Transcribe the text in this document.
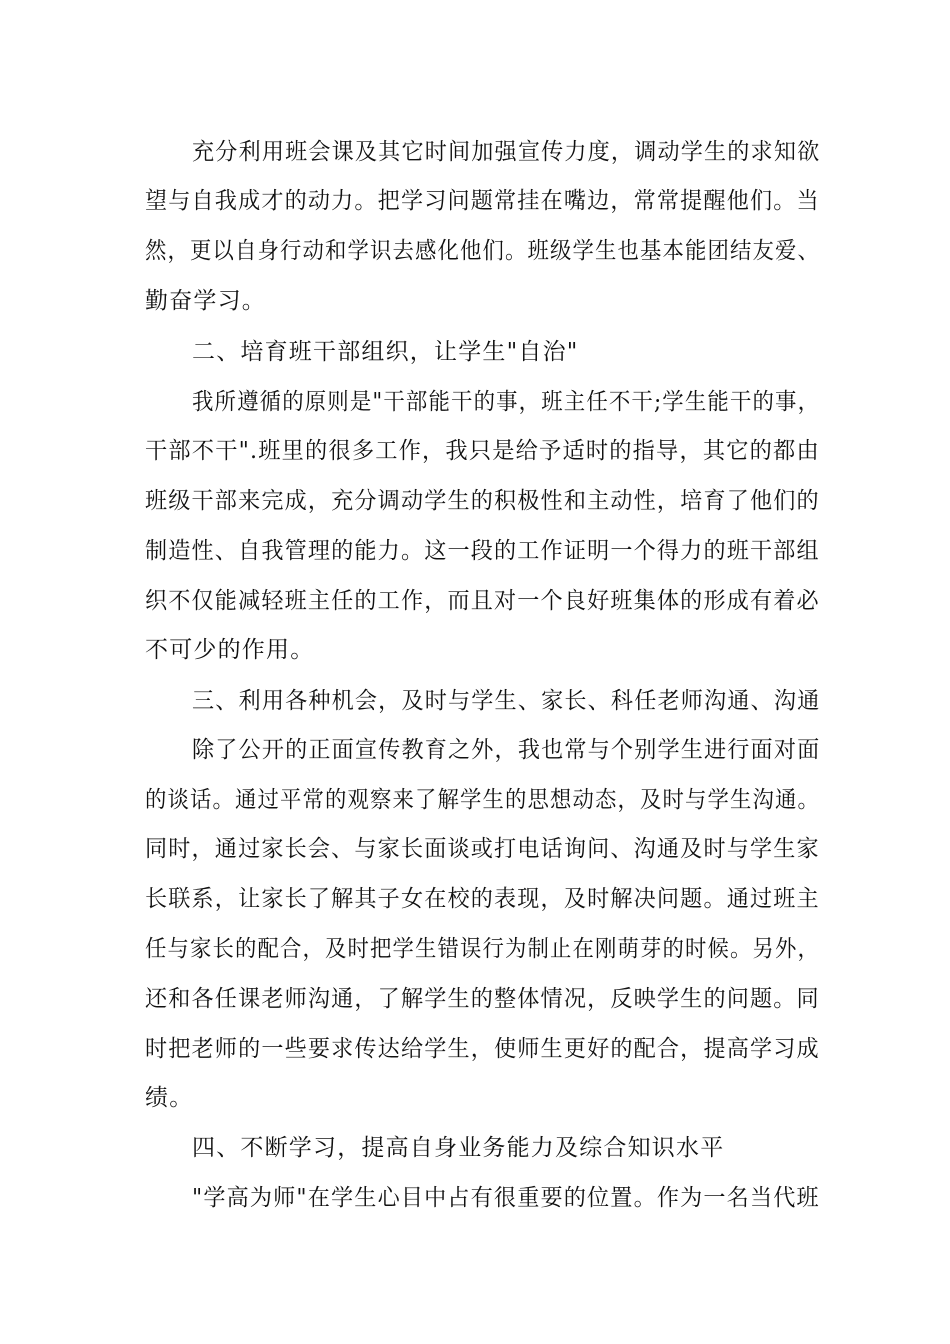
充分利用班会课及其它时间加强宣传力度，调动学生的求知欲
望与自我成才的动力。把学习问题常挂在嘴边，常常提醒他们。当
然，更以自身行动和学识去感化他们。班级学生也基本能团结友爱、
勤奋学习。
二、培育班干部组织，让学生"自治"
我所遵循的原则是"干部能干的事，班主任不干;学生能干的事，
干部不干".班里的很多工作，我只是给予适时的指导，其它的都由
班级干部来完成，充分调动学生的积极性和主动性，培育了他们的
制造性、自我管理的能力。这一段的工作证明一个得力的班干部组
织不仅能减轻班主任的工作，而且对一个良好班集体的形成有着必
不可少的作用。
三、利用各种机会，及时与学生、家长、科任老师沟通、沟通
除了公开的正面宣传教育之外，我也常与个别学生进行面对面
的谈话。通过平常的观察来了解学生的思想动态，及时与学生沟通。
同时，通过家长会、与家长面谈或打电话询问、沟通及时与学生家
长联系，让家长了解其子女在校的表现，及时解决问题。通过班主
任与家长的配合，及时把学生错误行为制止在刚萌芽的时候。另外，
还和各任课老师沟通，了解学生的整体情况，反映学生的问题。同
时把老师的一些要求传达给学生，使师生更好的配合，提高学习成
绩。
四、不断学习，提高自身业务能力及综合知识水平
"学高为师"在学生心目中占有很重要的位置。作为一名当代班
